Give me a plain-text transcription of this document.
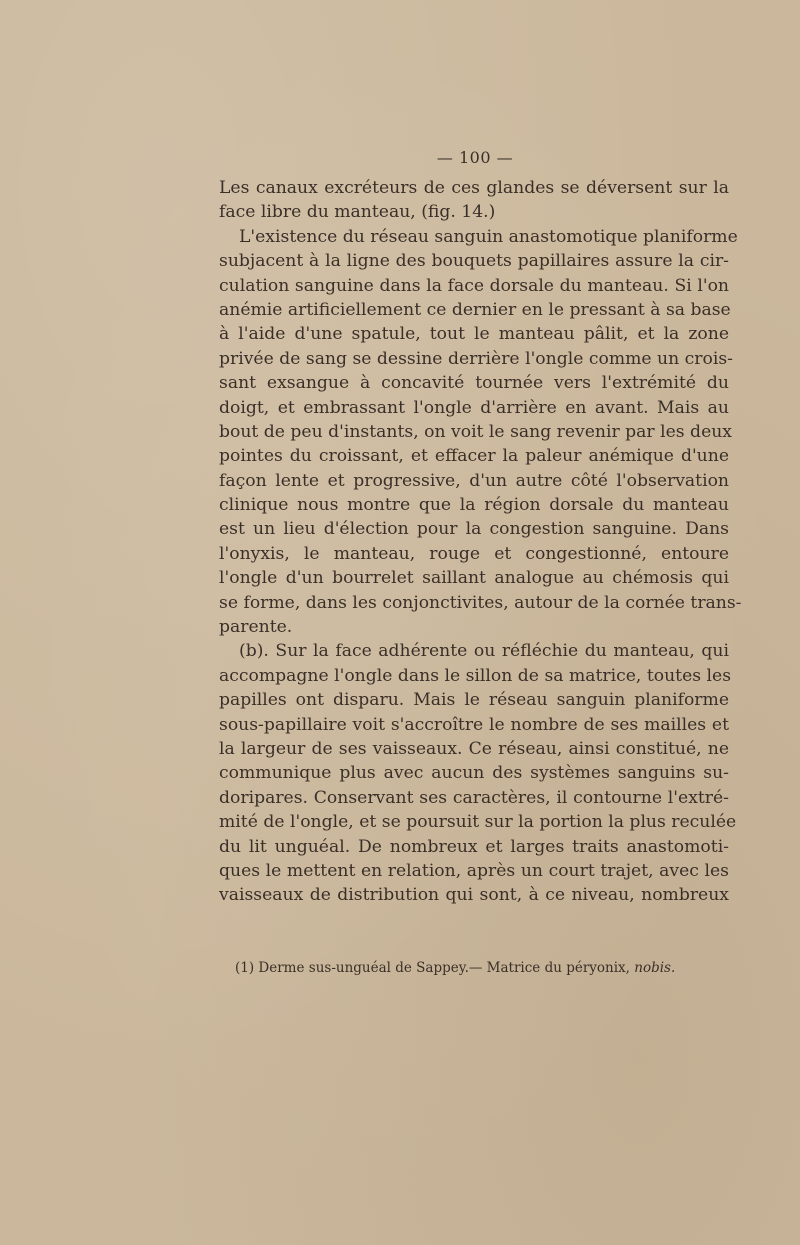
— 100 —
Les canaux excréteurs de ces glandes se déversent sur la
face libre du manteau, (fig. 14.)
L'existence du réseau sanguin anastomotique planiforme
subjacent à la ligne des bouquets papillaires assure la cir-
culation sanguine dans la face dorsale du manteau. Si l'on
anémie artificiellement ce dernier en le pressant à sa base
à l'aide d'une spatule, tout le manteau pâlit, et la zone
privée de sang se dessine derrière l'ongle comme un crois-
sant exsangue à concavité tournée vers l'extrémité du
doigt, et embrassant l'ongle d'arrière en avant. Mais au
bout de peu d'instants, on voit le sang revenir par les deux
pointes du croissant, et effacer la paleur anémique d'une
façon lente et progressive, d'un autre côté l'observation
clinique nous montre que la région dorsale du manteau
est un lieu d'élection pour la congestion sanguine. Dans
l'onyxis, le manteau, rouge et congestionné, entoure
l'ongle d'un bourrelet saillant analogue au chémosis qui
se forme, dans les conjonctivites, autour de la cornée trans-
parente.
(b). Sur la face adhérente ou réfléchie du manteau, qui
accompagne l'ongle dans le sillon de sa matrice, toutes les
papilles ont disparu. Mais le réseau sanguin planiforme
sous-papillaire voit s'accroître le nombre de ses mailles et
la largeur de ses vaisseaux. Ce réseau, ainsi constitué, ne
communique plus avec aucun des systèmes sanguins su-
doripares. Conservant ses caractères, il contourne l'extré-
mité de l'ongle, et se poursuit sur la portion la plus reculée
du lit unguéal. De nombreux et larges traits anastomoti-
ques le mettent en relation, après un court trajet, avec les
vaisseaux de distribution qui sont, à ce niveau, nombreux
(1) Derme sus-unguéal de Sappey.— Matrice du péryonix, nobis.
